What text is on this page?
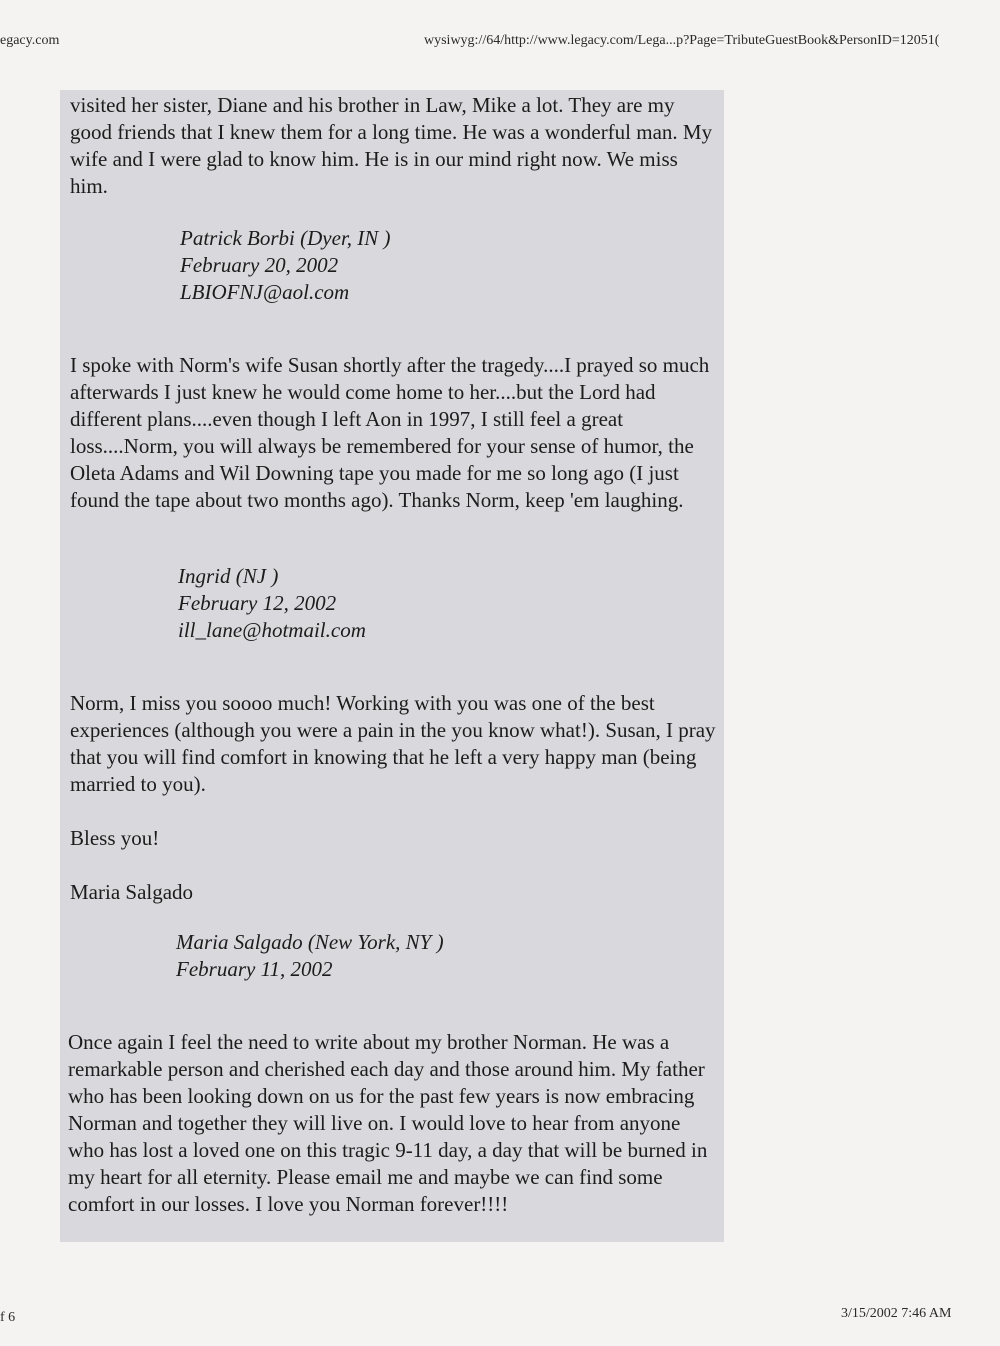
egacy.com	wysiwyg://64/http://www.legacy.com/Lega...p?Page=TributeGuestBook&PersonID=12051(

visited her sister, Diane and his brother in Law, Mike a lot. They are my good friends that I knew them for a long time. He was a wonderful man. My wife and I were glad to know him. He is in our mind right now. We miss him.

Patrick Borbi (Dyer, IN )
February 20, 2002
LBIOFNJ@aol.com

I spoke with Norm's wife Susan shortly after the tragedy....I prayed so much afterwards I just knew he would come home to her....but the Lord had different plans....even though I left Aon in 1997, I still feel a great loss....Norm, you will always be remembered for your sense of humor, the Oleta Adams and Wil Downing tape you made for me so long ago (I just found the tape about two months ago). Thanks Norm, keep 'em laughing.

Ingrid (NJ )
February 12, 2002
ill_lane@hotmail.com

Norm, I miss you soooo much! Working with you was one of the best experiences (although you were a pain in the you know what!). Susan, I pray that you will find comfort in knowing that he left a very happy man (being married to you).

Bless you!

Maria Salgado

Maria Salgado (New York, NY )
February 11, 2002

Once again I feel the need to write about my brother Norman. He was a remarkable person and cherished each day and those around him. My father who has been looking down on us for the past few years is now embracing Norman and together they will live on. I would love to hear from anyone who has lost a loved one on this tragic 9-11 day, a day that will be burned in my heart for all eternity. Please email me and maybe we can find some comfort in our losses. I love you Norman forever!!!!

f 6	3/15/2002 7:46 AM
